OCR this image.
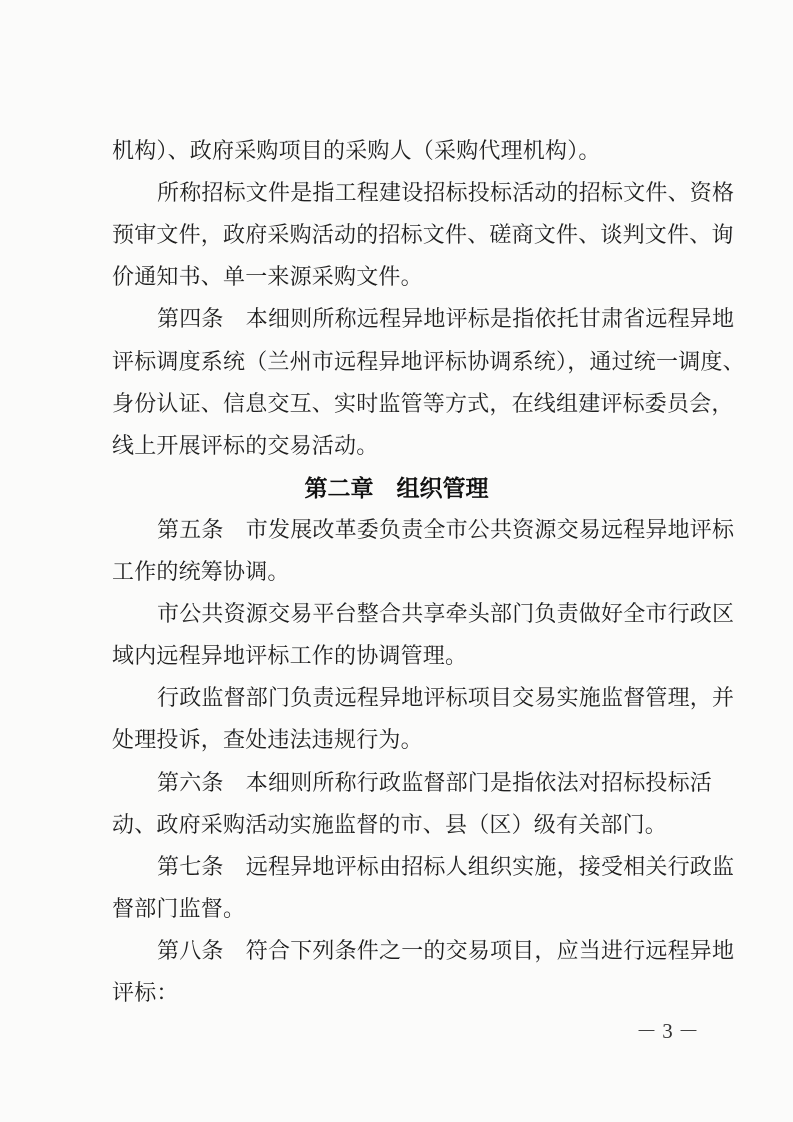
机构）、政府采购项目的采购人（采购代理机构）。
所称招标文件是指工程建设招标投标活动的招标文件、资格
预审文件，政府采购活动的招标文件、磋商文件、谈判文件、询
价通知书、单一来源采购文件。
第四条　本细则所称远程异地评标是指依托甘肃省远程异地
评标调度系统（兰州市远程异地评标协调系统），通过统一调度、
身份认证、信息交互、实时监管等方式，在线组建评标委员会，
线上开展评标的交易活动。
第二章　组织管理
第五条　市发展改革委负责全市公共资源交易远程异地评标
工作的统筹协调。
市公共资源交易平台整合共享牵头部门负责做好全市行政区
域内远程异地评标工作的协调管理。
行政监督部门负责远程异地评标项目交易实施监督管理，并
处理投诉，查处违法违规行为。
第六条　本细则所称行政监督部门是指依法对招标投标活
动、政府采购活动实施监督的市、县（区）级有关部门。
第七条　远程异地评标由招标人组织实施，接受相关行政监
督部门监督。
第八条　符合下列条件之一的交易项目，应当进行远程异地
评标：
－ 3 －
